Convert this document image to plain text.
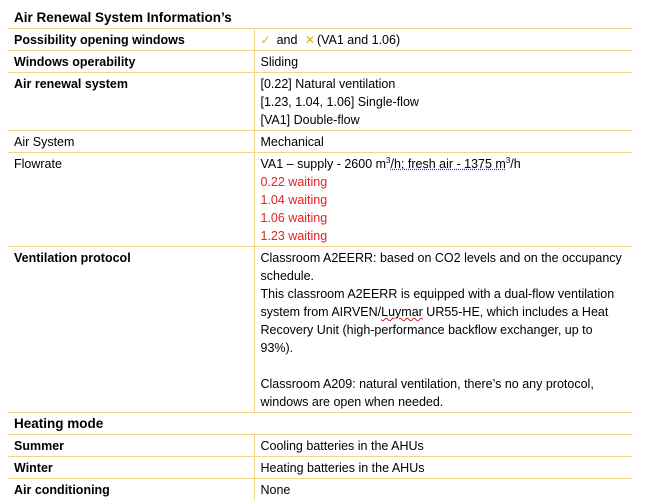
Air Renewal System Information’s	
Possibility opening windows	✓ and ✕ (VA1 and 1.06)
Windows operability	Sliding
Air renewal system	[0.22] Natural ventilation
[1.23, 1.04, 1.06] Single-flow
[VA1] Double-flow

Air System	Mechanical
Flowrate	VA1 – supply - 2600 $m^3/h$; fresh air - 1375 $m^3/h$
0.22 waiting
1.04 waiting
1.06 waiting
1.23 waiting

Ventilation protocol	Classroom A2EERR: based on CO2 levels and on the occupancy schedule.
This classroom A2EERR is equipped with a dual-flow ventilation system from AIRVEN/Luymar UR55-HE, which includes a Heat Recovery Unit (high-performance backflow exchanger, up to 93%).
Classroom A209: natural ventilation, there’s no any protocol, windows are open when needed.

Heating mode	
Summer	Cooling batteries in the AHUs
Winter	Heating batteries in the AHUs
Air conditioning	None
